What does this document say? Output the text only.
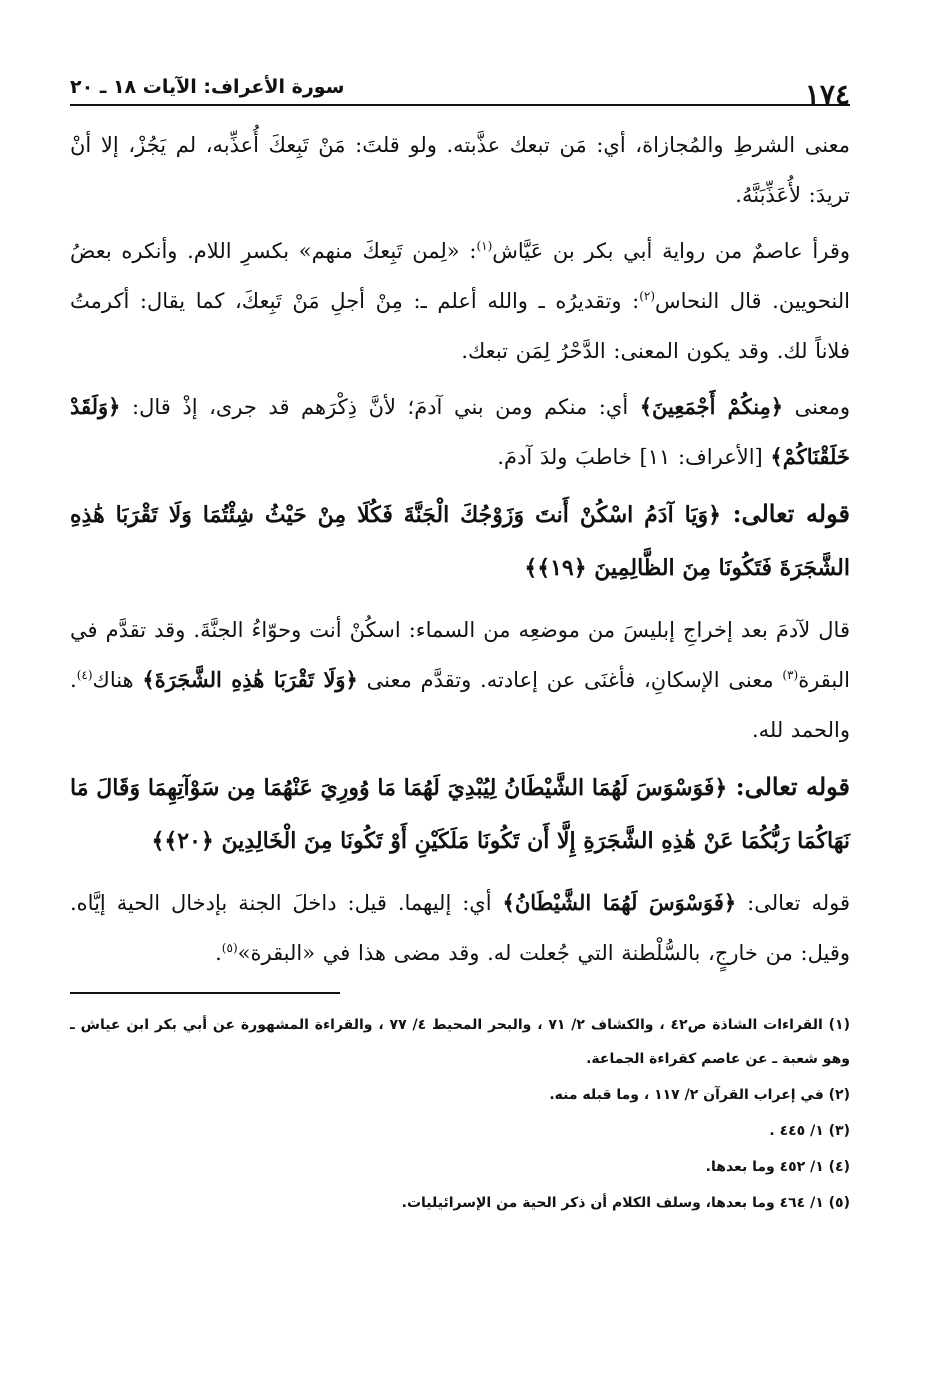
١٧٤
سورة الأعراف: الآيات ١٨ ـ ٢٠

معنى الشرطِ والمُجازاة، أي: مَن تبعك عذَّبته. ولو قلتَ: مَنْ تَبِعكَ أُعذِّبه، لم يَجُزْ، إلا أنْ تريدَ: لأُعَذِّبَنَّهُ.

وقرأ عاصمٌ من رواية أبي بكر بن عَيَّاش$^{(١)}$: «لِمن تَبِعكَ منهم» بكسرِ اللام. وأنكره بعضُ النحويين. قال النحاس$^{(٢)}$: وتقديرُه ـ والله أعلم ـ: مِنْ أجلِ مَنْ تَبِعكَ، كما يقال: أكرمتُ فلاناً لك. وقد يكون المعنى: الدَّحْرُ لِمَن تبعك.

ومعنى ﴿مِنكُمْ أَجْمَعِينَ﴾ أي: منكم ومن بني آدمَ؛ لأنَّ ذِكْرَهم قد جرى، إذْ قال: ﴿وَلَقَدْ خَلَقْنَاكُمْ﴾ [الأعراف: ١١] خاطبَ ولدَ آدمَ.

قوله تعالى: ﴿وَيَا آدَمُ اسْكُنْ أَنتَ وَزَوْجُكَ الْجَنَّةَ فَكُلَا مِنْ حَيْثُ شِئْتُمَا وَلَا تَقْرَبَا هَٰذِهِ الشَّجَرَةَ فَتَكُونَا مِنَ الظَّالِمِينَ ﴿١٩﴾﴾

قال لآدمَ بعد إخراجِ إبليسَ من موضعِه من السماء: اسكُنْ أنت وحوّاءُ الجنَّةَ. وقد تقدَّم في البقرة$^{(٣)}$ معنى الإسكانِ، فأغنَى عن إعادته. وتقدَّم معنى ﴿وَلَا تَقْرَبَا هَٰذِهِ الشَّجَرَةَ﴾ هناك$^{(٤)}$. والحمد لله.

قوله تعالى: ﴿فَوَسْوَسَ لَهُمَا الشَّيْطَانُ لِيُبْدِيَ لَهُمَا مَا وُورِيَ عَنْهُمَا مِن سَوْآتِهِمَا وَقَالَ مَا نَهَاكُمَا رَبُّكُمَا عَنْ هَٰذِهِ الشَّجَرَةِ إِلَّا أَن تَكُونَا مَلَكَيْنِ أَوْ تَكُونَا مِنَ الْخَالِدِينَ ﴿٢٠﴾﴾

قوله تعالى: ﴿فَوَسْوَسَ لَهُمَا الشَّيْطَانُ﴾ أي: إليهما. قيل: داخلَ الجنة بإدخال الحية إيَّاه. وقيل: من خارجٍ، بالسُّلْطنة التي جُعلت له. وقد مضى هذا في «البقرة»$^{(٥)}$.

(١) القراءات الشاذة ص٤٢ ، والكشاف ٢/ ٧١ ، والبحر المحيط ٤/ ٧٧ ، والقراءة المشهورة عن أبي بكر ابن عياش ـ وهو شعبة ـ عن عاصم كقراءة الجماعة.

(٢) في إعراب القرآن ٢/ ١١٧ ، وما قبله منه.

(٣) ١/ ٤٤٥ .

(٤) ١/ ٤٥٢ وما بعدها.

(٥) ١/ ٤٦٤ وما بعدها، وسلف الكلام أن ذكر الحية من الإسرائيليات.
